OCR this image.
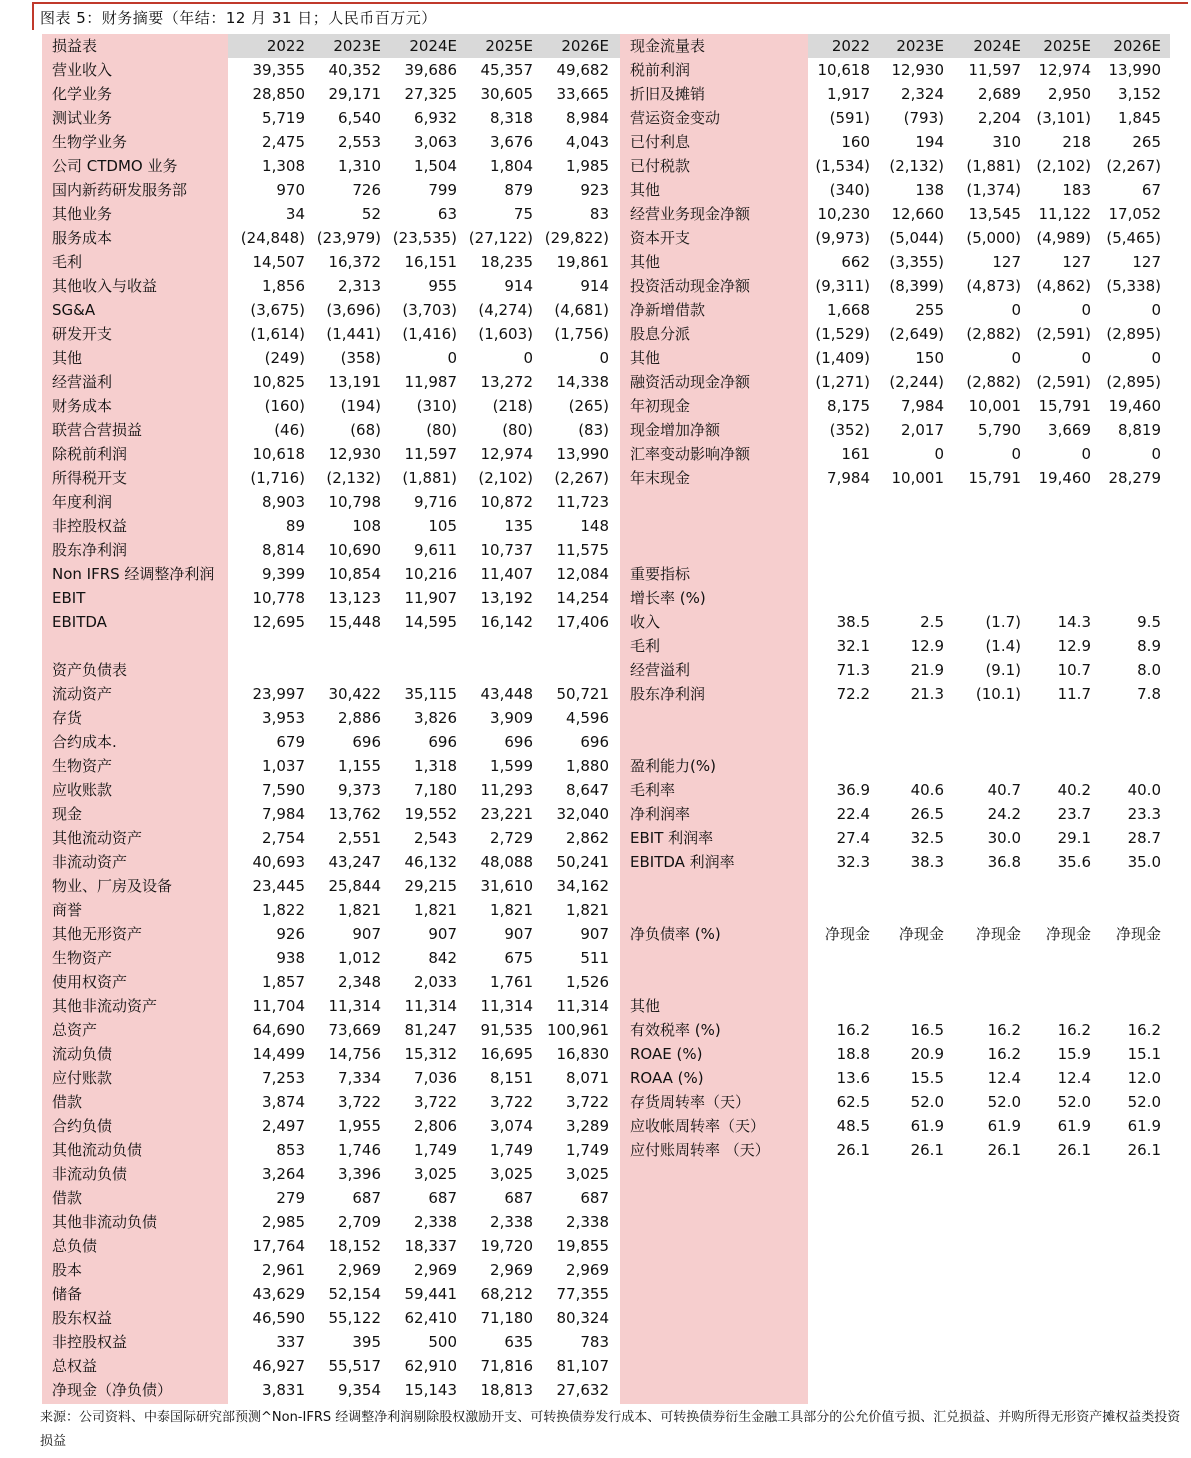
图表 5：财务摘要（年结：12 月 31 日；人民币百万元）
损益表	2022	2023E	2024E	2025E	2026E
营业收入	39,355	40,352	39,686	45,357	49,682
化学业务	28,850	29,171	27,325	30,605	33,665
测试业务	5,719	6,540	6,932	8,318	8,984
生物学业务	2,475	2,553	3,063	3,676	4,043
公司 CTDMO 业务	1,308	1,310	1,504	1,804	1,985
国内新药研发服务部	970	726	799	879	923
其他业务	34	52	63	75	83
服务成本	(24,848) (23,979) (23,535) (27,122) (29,822)
毛利	14,507	16,372	16,151	18,235	19,861
其他收入与收益	1,856	2,313	955	914	914
SG&A	(3,675)	(3,696)	(3,703)	(4,274)	(4,681)
研发开支	(1,614)	(1,441)	(1,416)	(1,603)	(1,756)
其他	(249)	(358)	0	0	0
经营溢利	10,825	13,191	11,987	13,272	14,338
财务成本	(160)	(194)	(310)	(218)	(265)
联营合营损益	(46)	(68)	(80)	(80)	(83)
除税前利润	10,618	12,930	11,597	12,974	13,990
所得税开支	(1,716)	(2,132)	(1,881)	(2,102)	(2,267)
年度利润	8,903	10,798	9,716	10,872	11,723
非控股权益	89	108	105	135	148
股东净利润	8,814	10,690	9,611	10,737	11,575
Non IFRS 经调整净利润	9,399	10,854	10,216	11,407	12,084
EBIT	10,778	13,123	11,907	13,192	14,254
EBITDA	12,695	15,448	14,595	16,142	17,406
资产负债表
流动资产	23,997	30,422	35,115	43,448	50,721
存货	3,953	2,886	3,826	3,909	4,596
合约成本.	679	696	696	696	696
生物资产	1,037	1,155	1,318	1,599	1,880
应收账款	7,590	9,373	7,180	11,293	8,647
现金	7,984	13,762	19,552	23,221	32,040
其他流动资产	2,754	2,551	2,543	2,729	2,862
非流动资产	40,693	43,247	46,132	48,088	50,241
物业、厂房及设备	23,445	25,844	29,215	31,610	34,162
商誉	1,822	1,821	1,821	1,821	1,821
其他无形资产	926	907	907	907	907
生物资产	938	1,012	842	675	511
使用权资产	1,857	2,348	2,033	1,761	1,526
其他非流动资产	11,704	11,314	11,314	11,314	11,314
总资产	64,690	73,669	81,247	91,535 100,961
流动负债	14,499	14,756	15,312	16,695	16,830
应付账款	7,253	7,334	7,036	8,151	8,071
借款	3,874	3,722	3,722	3,722	3,722
合约负债	2,497	1,955	2,806	3,074	3,289
其他流动负债	853	1,746	1,749	1,749	1,749
非流动负债	3,264	3,396	3,025	3,025	3,025
借款	279	687	687	687	687
其他非流动负债	2,985	2,709	2,338	2,338	2,338
总负债	17,764	18,152	18,337	19,720	19,855
股本	2,961	2,969	2,969	2,969	2,969
储备	43,629	52,154	59,441	68,212	77,355
股东权益	46,590	55,122	62,410	71,180	80,324
非控股权益	337	395	500	635	783
总权益	46,927	55,517	62,910	71,816	81,107
净现金（净负债）	3,831	9,354	15,143	18,813	27,632
现金流量表	2022	2023E	2024E	2025E	2026E
税前利润	10,618	12,930	11,597	12,974	13,990
折旧及摊销	1,917	2,324	2,689	2,950	3,152
营运资金变动	(591)	(793)	2,204	(3,101)	1,845
已付利息	160	194	310	218	265
已付税款	(1,534)	(2,132)	(1,881)	(2,102)	(2,267)
其他	(340)	138	(1,374)	183	67
经营业务现金净额	10,230	12,660	13,545	11,122	17,052
资本开支	(9,973)	(5,044)	(5,000)	(4,989)	(5,465)
其他	662	(3,355)	127	127	127
投资活动现金净额	(9,311)	(8,399)	(4,873)	(4,862)	(5,338)
净新增借款	1,668	255	0	0	0
股息分派	(1,529)	(2,649)	(2,882)	(2,591)	(2,895)
其他	(1,409)	150	0	0	0
融资活动现金净额	(1,271)	(2,244)	(2,882)	(2,591)	(2,895)
年初现金	8,175	7,984	10,001	15,791	19,460
现金增加净额	(352)	2,017	5,790	3,669	8,819
汇率变动影响净额	161	0	0	0	0
年末现金	7,984	10,001	15,791	19,460	28,279
重要指标
增长率 (%)
收入	38.5	2.5	(1.7)	14.3	9.5
毛利	32.1	12.9	(1.4)	12.9	8.9
经营溢利	71.3	21.9	(9.1)	10.7	8.0
股东净利润	72.2	21.3	(10.1)	11.7	7.8
盈利能力(%)
毛利率	36.9	40.6	40.7	40.2	40.0
净利润率	22.4	26.5	24.2	23.7	23.3
EBIT 利润率	27.4	32.5	30.0	29.1	28.7
EBITDA 利润率	32.3	38.3	36.8	35.6	35.0
净负债率 (%)	净现金	净现金	净现金	净现金	净现金
其他
有效税率 (%)	16.2	16.5	16.2	16.2	16.2
ROAE (%)	18.8	20.9	16.2	15.9	15.1
ROAA (%)	13.6	15.5	12.4	12.4	12.0
存货周转率（天）	62.5	52.0	52.0	52.0	52.0
应收帐周转率（天）	48.5	61.9	61.9	61.9	61.9
应付账周转率 （天）	26.1	26.1	26.1	26.1	26.1
来源：公司资料、中泰国际研究部预测^Non-IFRS 经调整净利润剔除股权激励开支、可转换债券发行成本、可转换债券衍生金融工具部分的公允价值亏损、汇兑损益、并购所得无形资产摊权益类投资损益
